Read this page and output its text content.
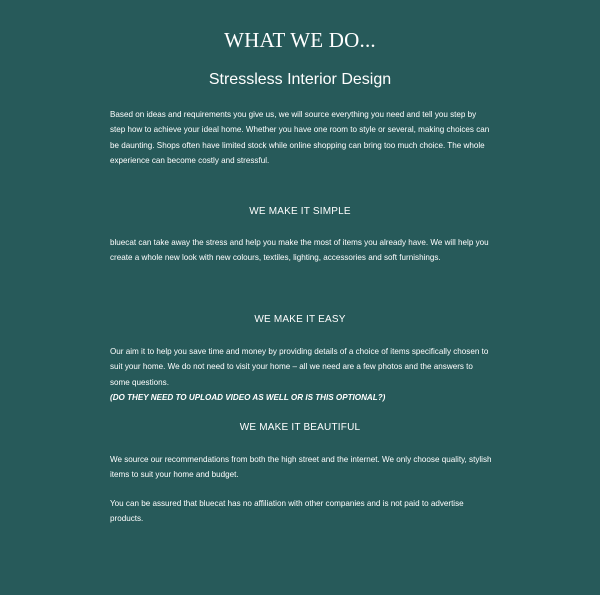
WHAT WE DO...
Stressless Interior Design

Based on ideas and requirements you give us, we will source everything you need and tell you step by step how to achieve your ideal home. Whether you have one room to style or several, making choices can be daunting. Shops often have limited stock while online shopping can bring too much choice. The whole experience can become costly and stressful.

WE MAKE IT SIMPLE

bluecat can take away the stress and help you make the most of items you already have. We will help you create a whole new look with new colours, textiles, lighting, accessories and soft furnishings.

WE MAKE IT EASY
Our aim it to help you save time and money by providing details of a choice of items specifically chosen to suit your home. We do not need to visit your home – all we need are a few photos and the answers to some questions.
(DO THEY NEED TO UPLOAD VIDEO AS WELL OR IS THIS OPTIONAL?)
WE MAKE IT BEAUTIFUL

We source our recommendations from both the high street and the internet. We only choose quality, stylish items to suit your home and budget.

You can be assured that bluecat has no affiliation with other companies and is not paid to advertise products.
